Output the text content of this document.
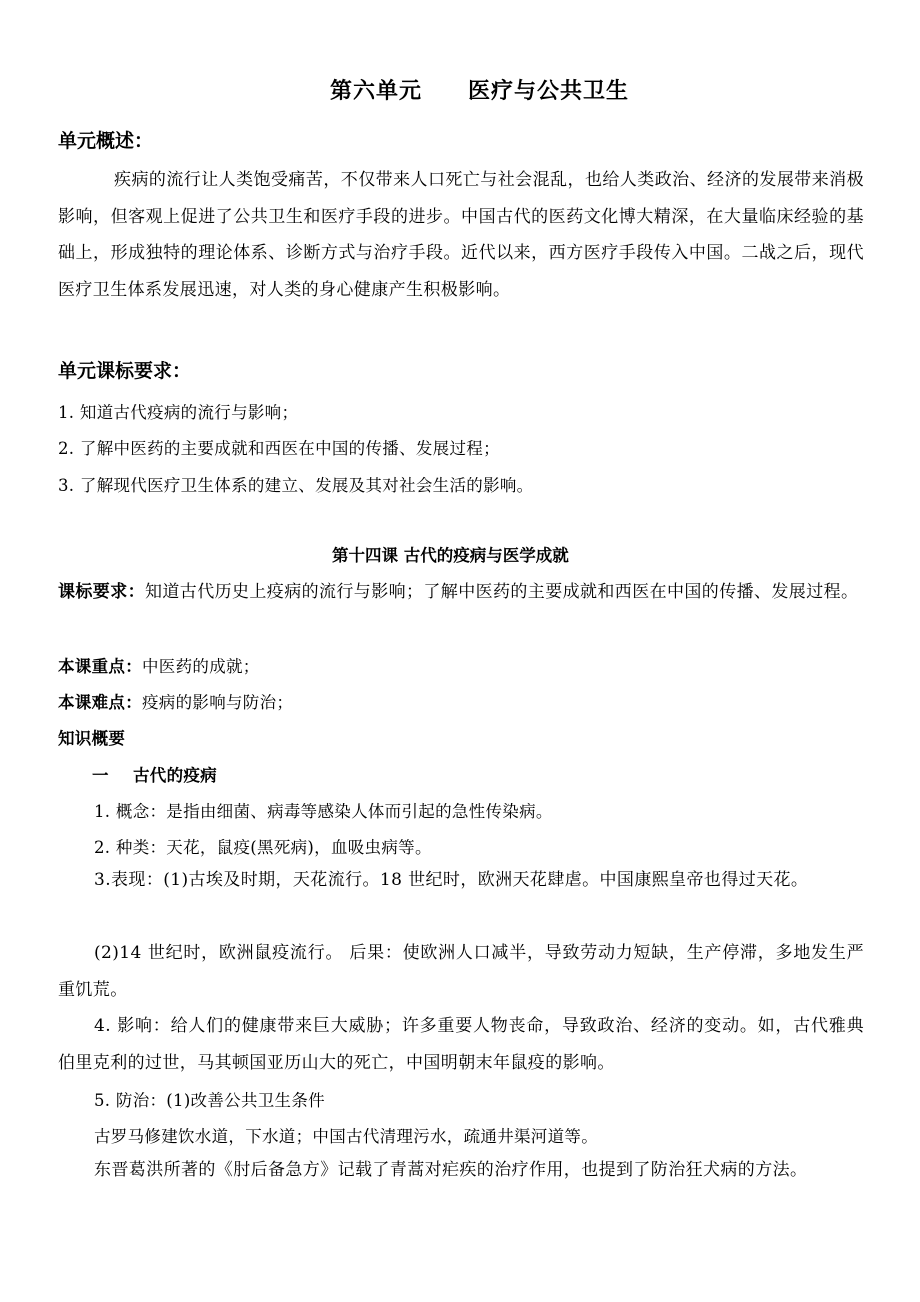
第六单元 医疗与公共卫生
单元概述：
疾病的流行让人类饱受痛苦，不仅带来人口死亡与社会混乱，也给人类政治、经济的发展带来消极影响，但客观上促进了公共卫生和医疗手段的进步。中国古代的医药文化博大精深，在大量临床经验的基础上，形成独特的理论体系、诊断方式与治疗手段。近代以来，西方医疗手段传入中国。二战之后，现代医疗卫生体系发展迅速，对人类的身心健康产生积极影响。
单元课标要求：
1. 知道古代疫病的流行与影响；
2. 了解中医药的主要成就和西医在中国的传播、发展过程；
3. 了解现代医疗卫生体系的建立、发展及其对社会生活的影响。
第十四课 古代的疫病与医学成就
课标要求：知道古代历史上疫病的流行与影响；了解中医药的主要成就和西医在中国的传播、发展过程。
本课重点：中医药的成就；
本课难点：疫病的影响与防治；
知识概要
一    古代的疫病
1. 概念：是指由细菌、病毒等感染人体而引起的急性传染病。
2. 种类：天花，鼠疫(黑死病)，血吸虫病等。
3.表现：(1)古埃及时期，天花流行。18 世纪时，欧洲天花肆虐。中国康熙皇帝也得过天花。
(2)14 世纪时，欧洲鼠疫流行。 后果：使欧洲人口减半，导致劳动力短缺，生产停滞，多地发生严重饥荒。
4. 影响：给人们的健康带来巨大威胁；许多重要人物丧命，导致政治、经济的变动。如，古代雅典伯里克利的过世，马其顿国亚历山大的死亡，中国明朝末年鼠疫的影响。
5. 防治：(1)改善公共卫生条件
古罗马修建饮水道，下水道；中国古代清理污水，疏通井渠河道等。
东晋葛洪所著的《肘后备急方》记载了青蒿对疟疾的治疗作用，也提到了防治狂犬病的方法。
